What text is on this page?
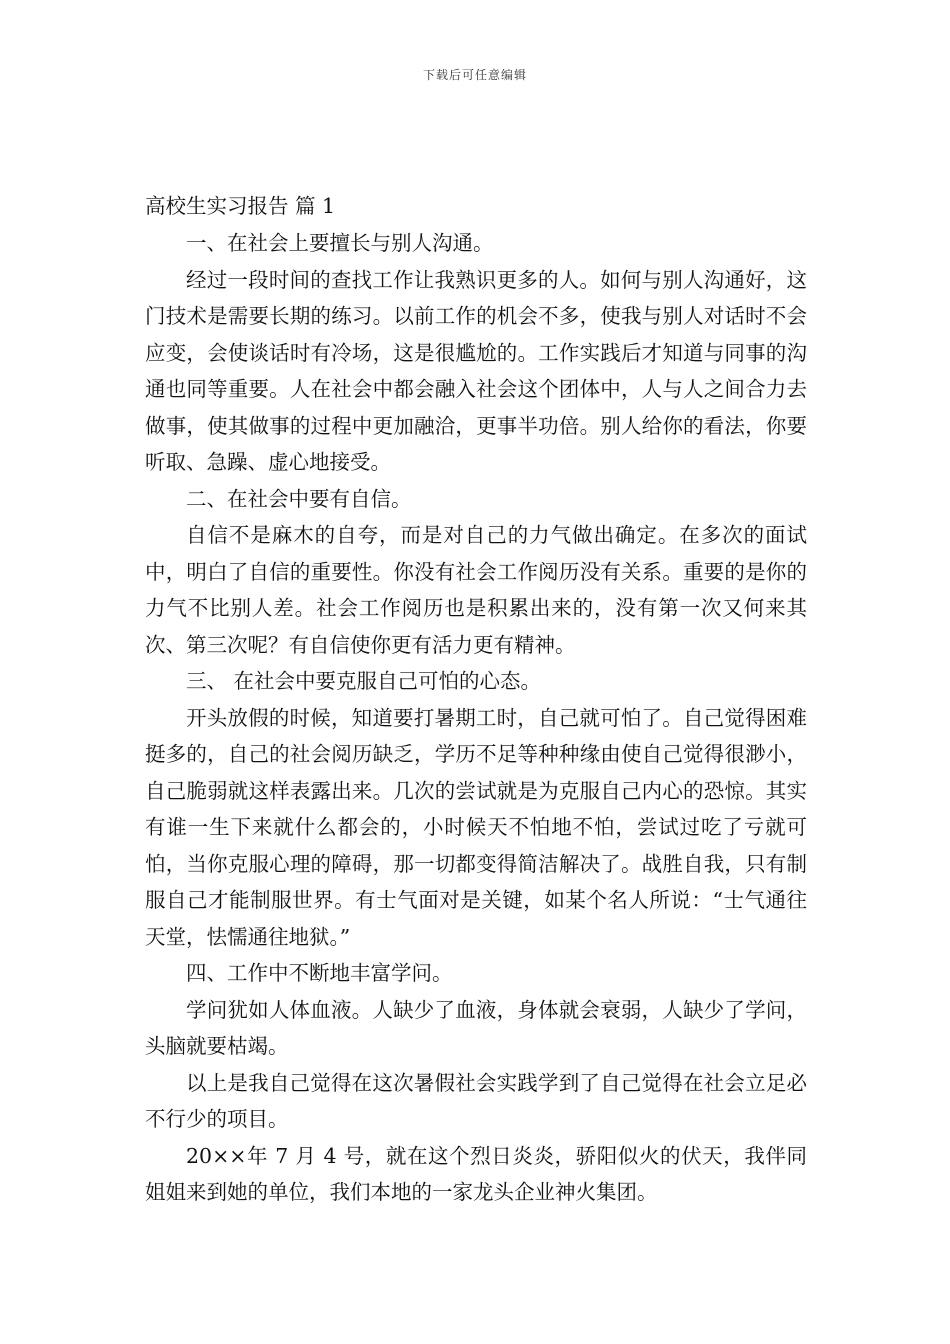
下载后可任意编辑
高校生实习报告 篇 1

一、在社会上要擅长与别人沟通。

经过一段时间的查找工作让我熟识更多的人。如何与别人沟通好，这门技术是需要长期的练习。以前工作的机会不多，使我与别人对话时不会应变，会使谈话时有冷场，这是很尴尬的。工作实践后才知道与同事的沟通也同等重要。人在社会中都会融入社会这个团体中，人与人之间合力去做事，使其做事的过程中更加融洽，更事半功倍。别人给你的看法，你要听取、急躁、虚心地接受。

二、在社会中要有自信。

自信不是麻木的自夸，而是对自己的力气做出确定。在多次的面试中，明白了自信的重要性。你没有社会工作阅历没有关系。重要的是你的力气不比别人差。社会工作阅历也是积累出来的，没有第一次又何来其次、第三次呢？有自信使你更有活力更有精神。

三、 在社会中要克服自己可怕的心态。

开头放假的时候，知道要打暑期工时，自己就可怕了。自己觉得困难挺多的，自己的社会阅历缺乏，学历不足等种种缘由使自己觉得很渺小，自己脆弱就这样表露出来。几次的尝试就是为克服自己内心的恐惊。其实有谁一生下来就什么都会的，小时候天不怕地不怕，尝试过吃了亏就可怕，当你克服心理的障碍，那一切都变得简洁解决了。战胜自我，只有制服自己才能制服世界。有士气面对是关键，如某个名人所说：“士气通往天堂，怯懦通往地狱。”

四、工作中不断地丰富学问。

学问犹如人体血液。人缺少了血液，身体就会衰弱，人缺少了学问，头脑就要枯竭。

以上是我自己觉得在这次暑假社会实践学到了自己觉得在社会立足必不行少的项目。

20××年 7 月 4 号，就在这个烈日炎炎，骄阳似火的伏天，我伴同姐姐来到她的单位，我们本地的一家龙头企业神火集团。
